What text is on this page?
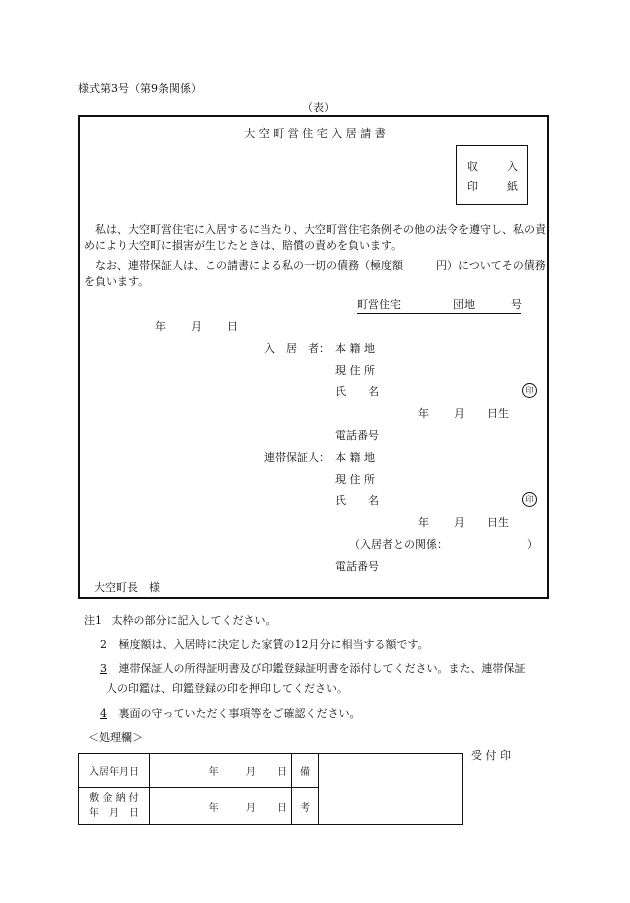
様式第3号（第9条関係）
（表）
大 空 町 営 住 宅 入 居 請 書
収	入
印	紙
私は、大空町営住宅に入居するに当たり、大空町営住宅条例その他の法令を遵守し、私の責めにより大空町に損害が生じたときは、賠償の責めを負います。
なお、連帯保証人は、この請書による私の一切の債務（極度額　　　円）についてその債務を負います。
町営住宅	団地	号
年 月 日
入　居　者： 本 籍 地
現 住 所
氏　　名	印
年 月 日生
電話番号
連帯保証人： 本 籍 地
現 住 所
氏　　名	印
年 月 日生
（入居者との関係：	）
電話番号
大空町長　様
注1 太枠の部分に記入してください。
2 極度額は、入居時に決定した家賃の12月分に相当する額です。
3 連帯保証人の所得証明書及び印鑑登録証明書を添付してください。また、連帯保証
人の印鑑は、印鑑登録の印を押印してください。
4 裏面の守っていただく事項等をご確認ください。
＜処理欄＞
受 付 印
入居年月日	年 月 日	備	

敷 金 納 付
年　月　日	年 月 日	考	
